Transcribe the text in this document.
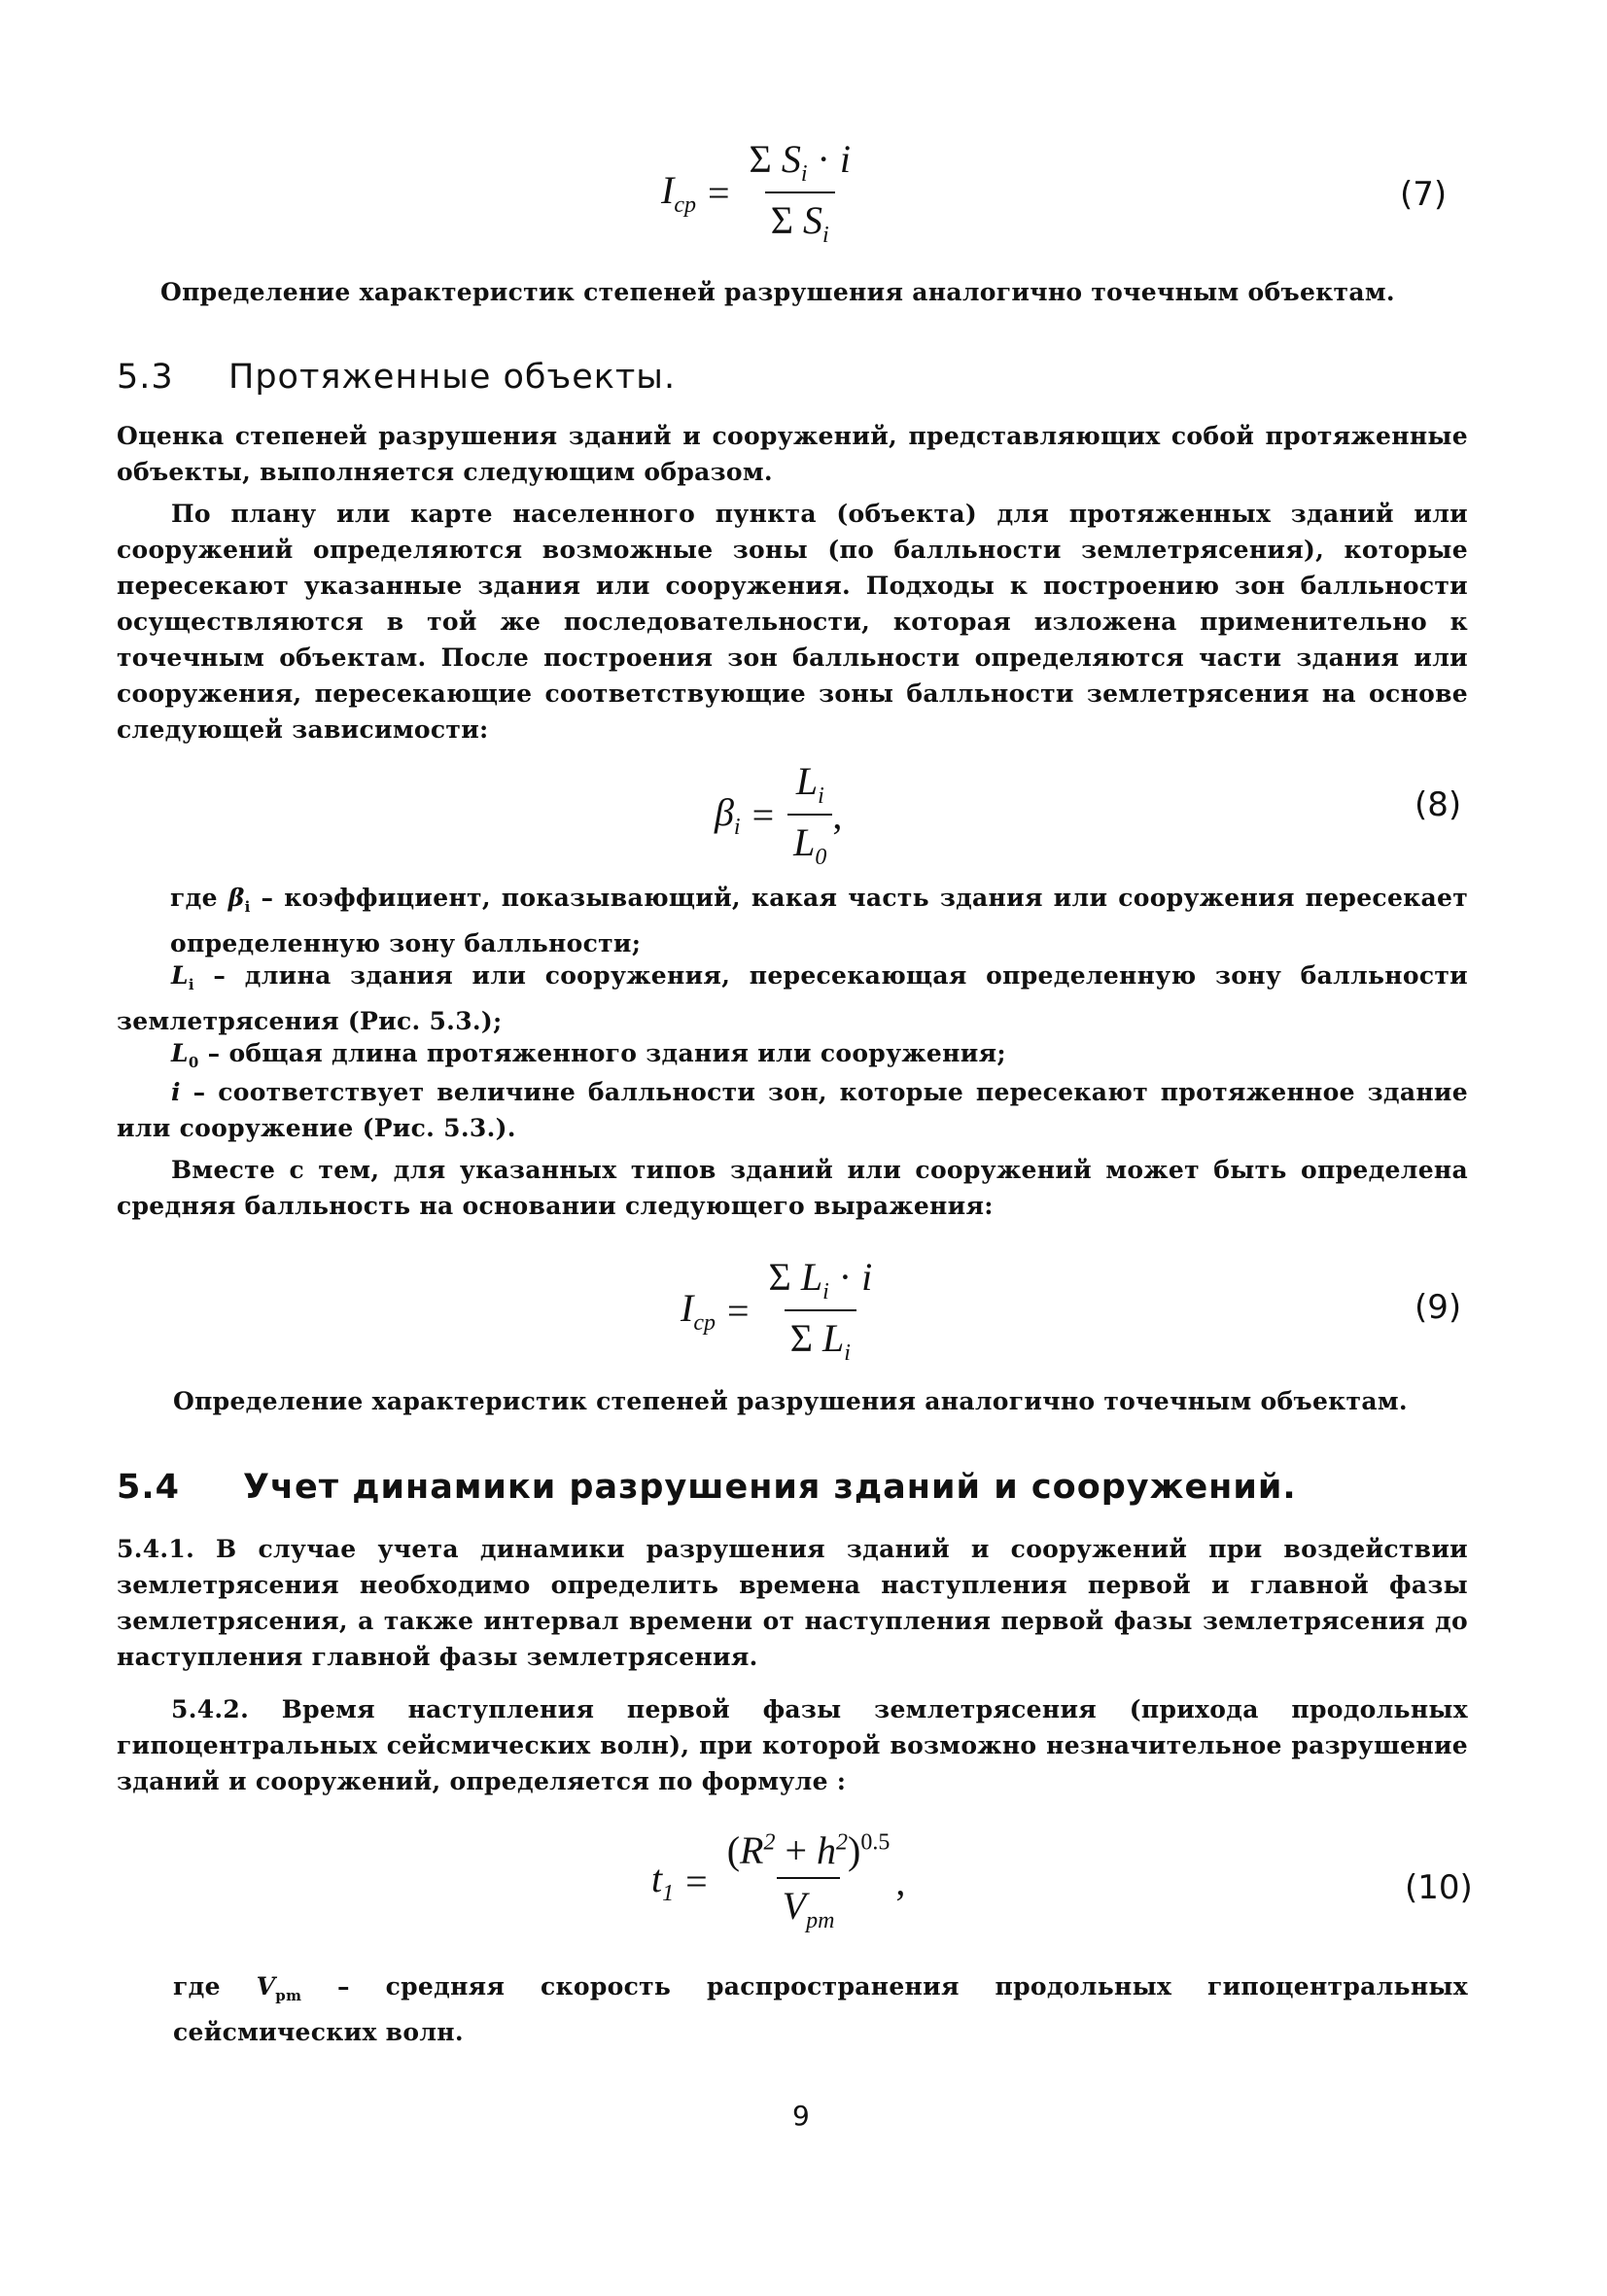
$I_{ср} = \frac{\Sigma S_i \cdot i}{\Sigma S_i}$	(7)
Определение характеристик степеней разрушения аналогично точечным объектам.
5.3 Протяженные объекты.
Оценка степеней разрушения зданий и сооружений, представляющих собой протяженные объекты, выполняется следующим образом.
По плану или карте населенного пункта (объекта) для протяженных зданий или сооружений определяются возможные зоны (по балльности землетрясения), которые пересекают указанные здания или сооружения. Подходы к построению зон балльности осуществляются в той же последовательности, которая изложена применительно к точечным объектам. После построения зон балльности определяются части здания или сооружения, пересекающие соответствующие зоны балльности землетрясения на основе следующей зависимости:
$\beta_i = \frac{L_i}{L_0}$ ,	(8)
где $\beta_i$ – коэффициент, показывающий, какая часть здания или сооружения пересекает определенную зону балльности;
$L_i$ – длина здания или сооружения, пересекающая определенную зону балльности землетрясения (Рис. 5.3.);
$L_0$ – общая длина протяженного здания или сооружения;
i – соответствует величине балльности зон, которые пересекают протяженное здание или сооружение (Рис. 5.3.).
Вместе с тем, для указанных типов зданий или сооружений может быть определена средняя балльность на основании следующего выражения:
$I_{ср} = \frac{\Sigma L_i \cdot i}{\Sigma L_i}$	(9)
Определение характеристик степеней разрушения аналогично точечным объектам.
5.4 Учет динамики разрушения зданий и сооружений.
5.4.1. В случае учета динамики разрушения зданий и сооружений при воздействии землетрясения необходимо определить времена наступления первой и главной фазы землетрясения, а также интервал времени от наступления первой фазы землетрясения до наступления главной фазы землетрясения.
5.4.2. Время наступления первой фазы землетрясения (прихода продольных гипоцентральных сейсмических волн), при которой возможно незначительное разрушение зданий и сооружений, определяется по формуле :
$t_1 = \frac{(R^2 + h^2)^{0.5}}{V_{pm}}$ ,	(10)
где $V_{pm}$ – средняя скорость распространения продольных гипоцентральных сейсмических волн.
9
